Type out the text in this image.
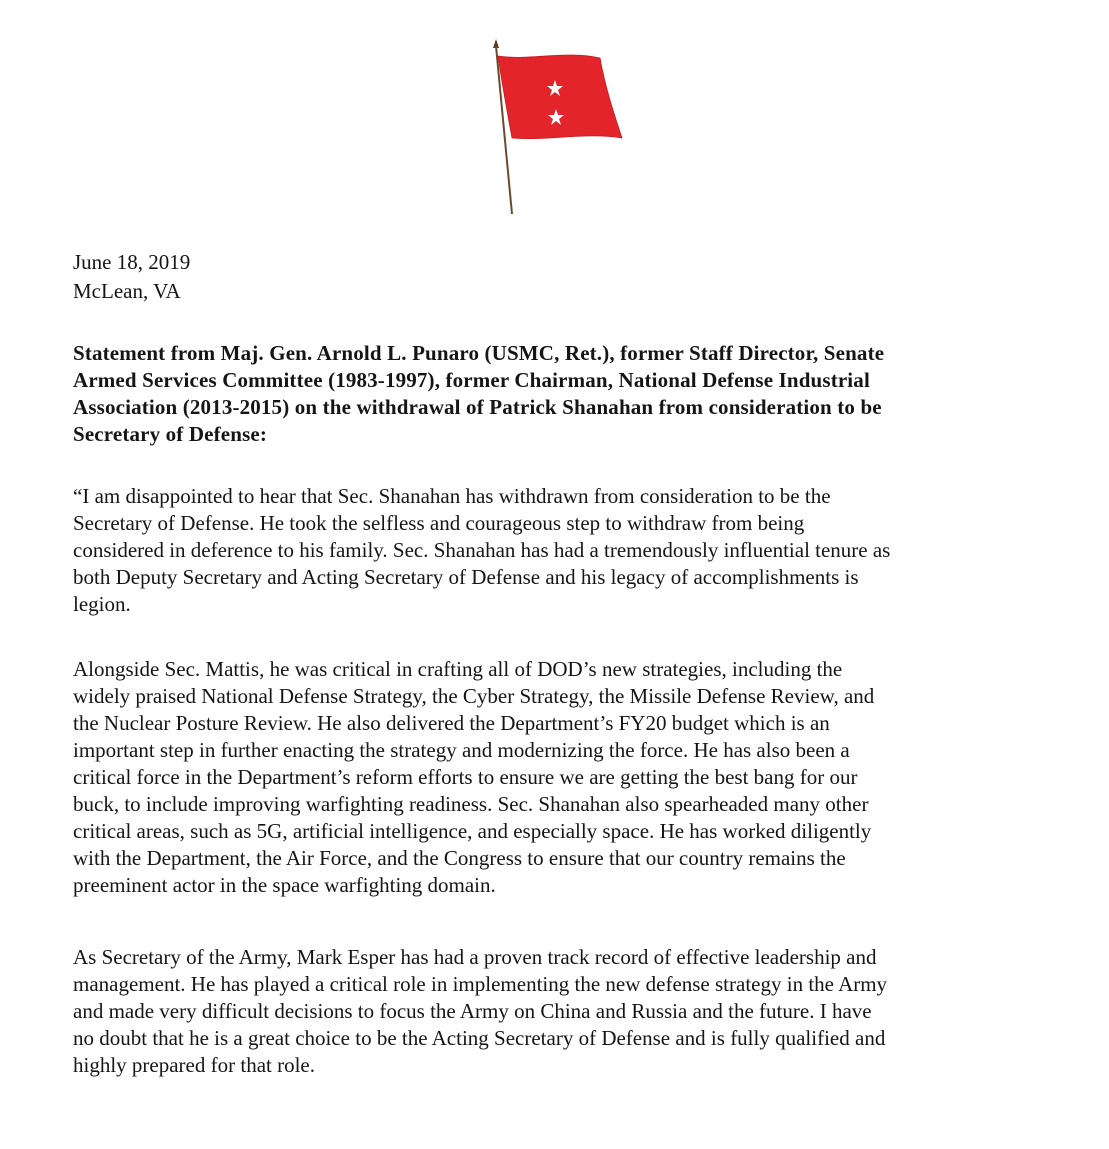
June 18, 2019
McLean, VA
Statement from Maj. Gen. Arnold L. Punaro (USMC, Ret.), former Staff Director, Senate
Armed Services Committee (1983-1997), former Chairman, National Defense Industrial
Association (2013-2015) on the withdrawal of Patrick Shanahan from consideration to be
Secretary of Defense:
“I am disappointed to hear that Sec. Shanahan has withdrawn from consideration to be the
Secretary of Defense. He took the selfless and courageous step to withdraw from being
considered in deference to his family. Sec. Shanahan has had a tremendously influential tenure as
both Deputy Secretary and Acting Secretary of Defense and his legacy of accomplishments is
legion.
Alongside Sec. Mattis, he was critical in crafting all of DOD’s new strategies, including the
widely praised National Defense Strategy, the Cyber Strategy, the Missile Defense Review, and
the Nuclear Posture Review. He also delivered the Department’s FY20 budget which is an
important step in further enacting the strategy and modernizing the force. He has also been a
critical force in the Department’s reform efforts to ensure we are getting the best bang for our
buck, to include improving warfighting readiness. Sec. Shanahan also spearheaded many other
critical areas, such as 5G, artificial intelligence, and especially space. He has worked diligently
with the Department, the Air Force, and the Congress to ensure that our country remains the
preeminent actor in the space warfighting domain.
As Secretary of the Army, Mark Esper has had a proven track record of effective leadership and
management. He has played a critical role in implementing the new defense strategy in the Army
and made very difficult decisions to focus the Army on China and Russia and the future. I have
no doubt that he is a great choice to be the Acting Secretary of Defense and is fully qualified and
highly prepared for that role.
